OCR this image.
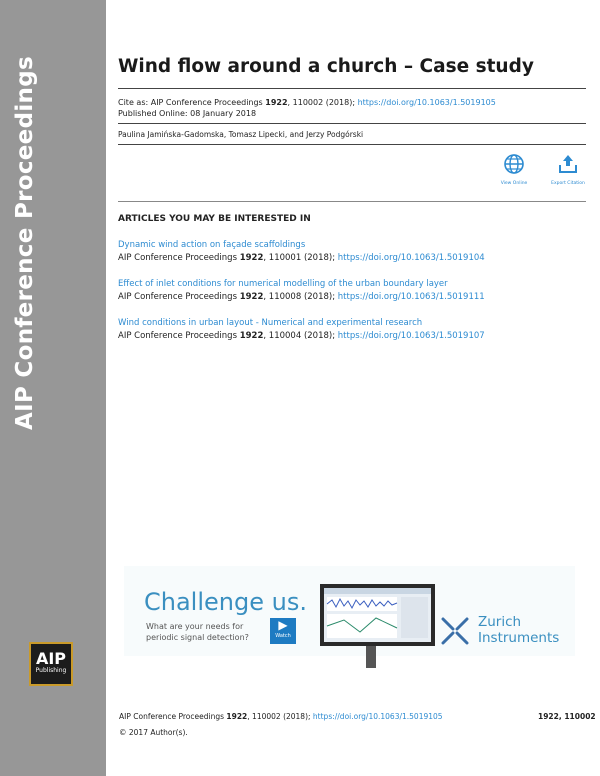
AIP Conference Proceedings
AIP
Publishing
Wind flow around a church – Case study
Cite as: AIP Conference Proceedings 1922, 110002 (2018); https://doi.org/10.1063/1.5019105
Published Online: 08 January 2018
Paulina Jamińska-Gadomska, Tomasz Lipecki, and Jerzy Podgórski
View Online	Export Citation
ARTICLES YOU MAY BE INTERESTED IN
Dynamic wind action on façade scaffoldings
AIP Conference Proceedings 1922, 110001 (2018); https://doi.org/10.1063/1.5019104
Effect of inlet conditions for numerical modelling of the urban boundary layer
AIP Conference Proceedings 1922, 110008 (2018); https://doi.org/10.1063/1.5019111
Wind conditions in urban layout - Numerical and experimental research
AIP Conference Proceedings 1922, 110004 (2018); https://doi.org/10.1063/1.5019107
Challenge us.
What are your needs for
periodic signal detection?
▶
Watch
Zurich
Instruments
AIP Conference Proceedings 1922, 110002 (2018); https://doi.org/10.1063/1.5019105	1922, 110002
© 2017 Author(s).
